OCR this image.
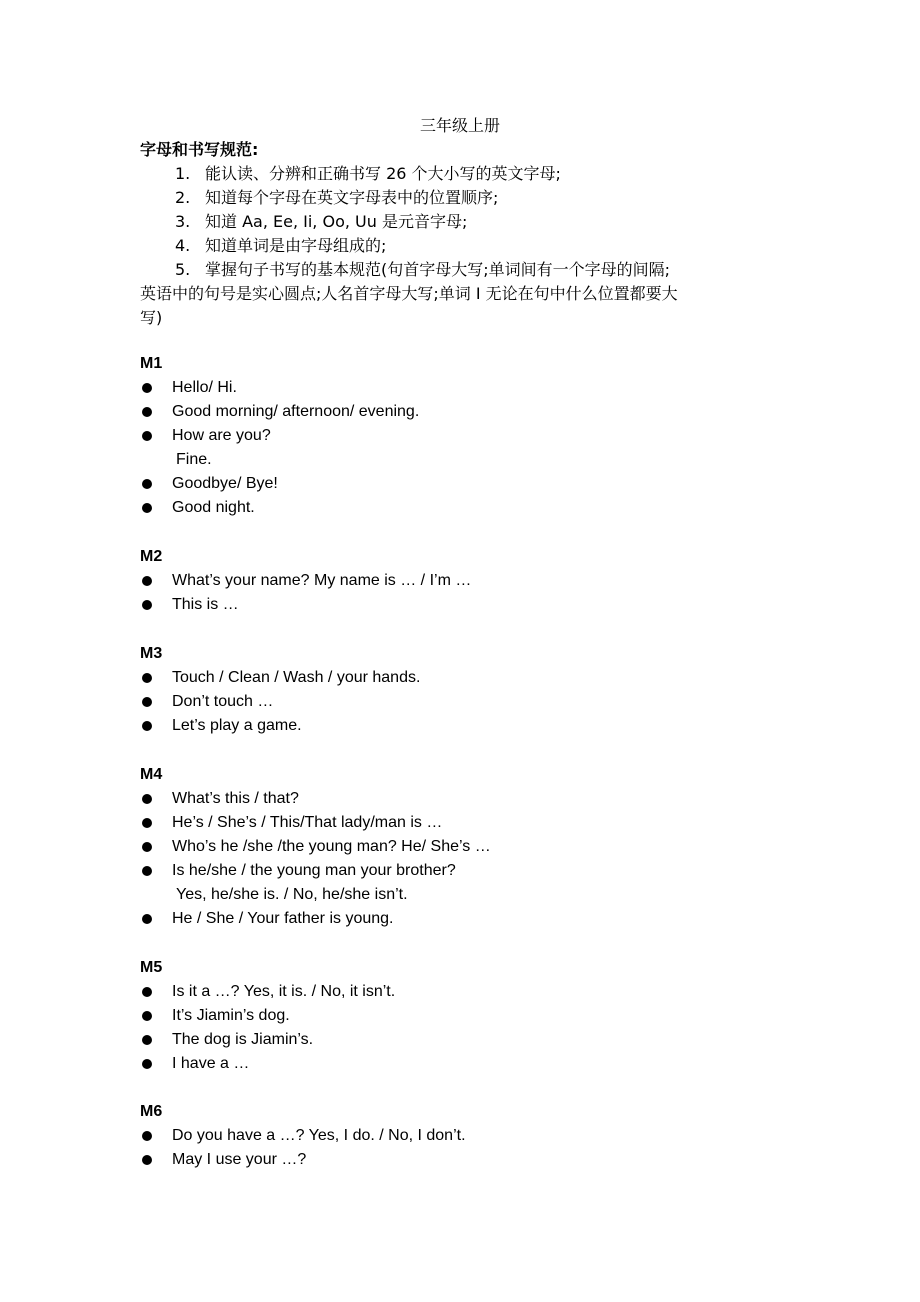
三年级上册
字母和书写规范:
1. 能认读、分辨和正确书写 26 个大小写的英文字母;
2. 知道每个字母在英文字母表中的位置顺序;
3. 知道 Aa, Ee, Ii, Oo, Uu 是元音字母;
4. 知道单词是由字母组成的;
5. 掌握句子书写的基本规范(句首字母大写;单词间有一个字母的间隔;
英语中的句号是实心圆点;人名首字母大写;单词 I 无论在句中什么位置都要大
写)
M1
Hello/ Hi.
Good morning/ afternoon/ evening.
How are you?
Fine.
Goodbye/ Bye!
Good night.
M2
What’s your name? My name is … / I’m …
This is …
M3
Touch / Clean / Wash / your hands.
Don’t touch …
Let’s play a game.
M4
What’s this / that?
He’s / She’s / This/That lady/man is …
Who’s he /she /the young man? He/ She’s …
Is he/she / the young man your brother?
Yes, he/she is. / No, he/she isn’t.
He / She / Your father is young.
M5
Is it a …? Yes, it is. / No, it isn’t.
It’s Jiamin’s dog.
The dog is Jiamin’s.
I have a …
M6
Do you have a …? Yes, I do. / No, I don’t.
May I use your …?
